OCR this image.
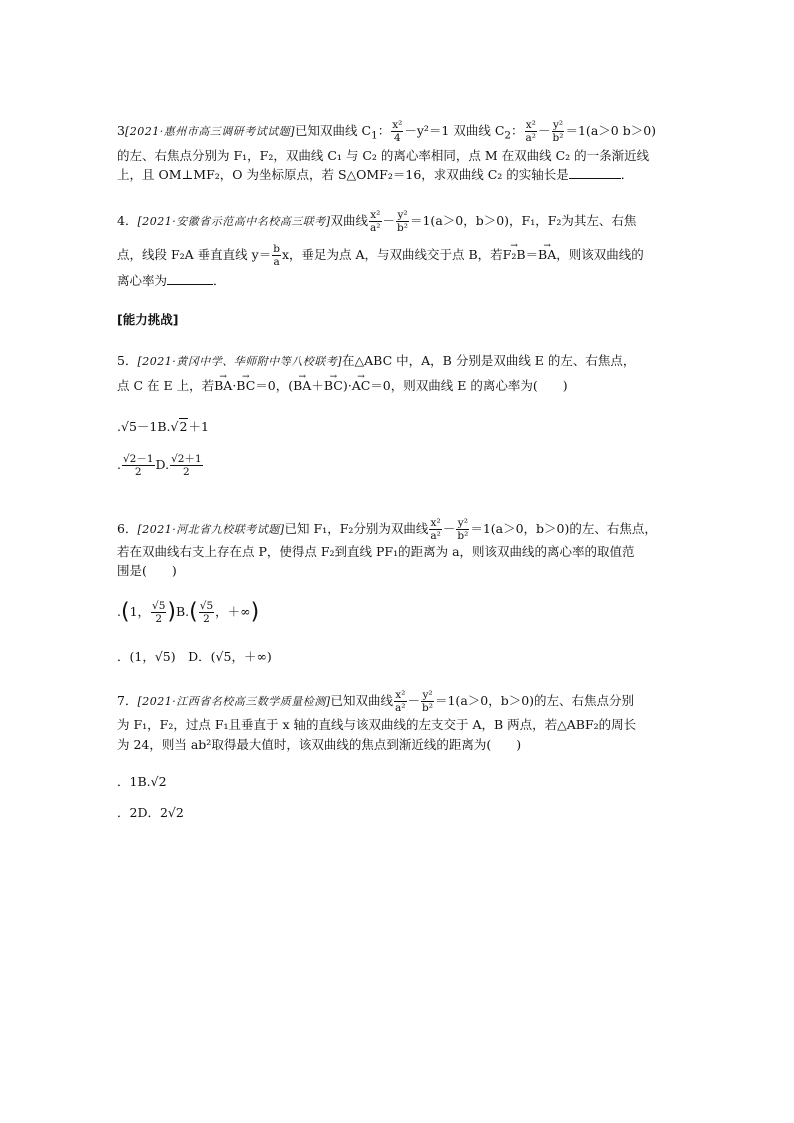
3[2021·惠州市高三调研考试试题]已知双曲线 $C_1$： $\frac{\text{x²}}{4} -y^2=1$ 双曲线 $C_2$： $\frac{\text{x²}}{\text{a²}} - \frac{\text{y²}}{\text{b²}} =1(a>0$ b＞0)
的左、右焦点分别为 F₁，F₂，双曲线 C₁ 与 C₂ 的离心率相同，点 M 在双曲线 C₂ 的一条渐近线
上，且 OM⊥MF₂，O 为坐标原点，若 S△OMF₂＝16，求双曲线 C₂ 的实轴长是	．
4．[2021·安徽省示范高中名校高三联考]双曲线 $\frac{\text{x²}}{\text{a²}} - \frac{\text{y²}}{\text{b²}} =1(a>0$，b＞0)，F₁，F₂为其左、右焦
点，线段 F₂A 垂直直线 $y= \frac{b}{a}$ x，垂足为点 A，与双曲线交于点 B，若→ F₂B＝→ BA，则该双曲线的
离心率为	．
[能力挑战]
5．[2021·黄冈中学、华师附中等八校联考]在△ABC 中，A，B 分别是双曲线 E 的左、右焦点，
点 C 在 E 上，若→ BA·→ BC＝0，(→ BA＋→ BC)·→ AC＝0，则双曲线 E 的离心率为(　　)
.√5－1B.√2＋1
. $\frac{√2-1}{2} D$. $\frac{√2+1}{2}$
6．[2021·河北省九校联考试题]已知 F₁，F₂分别为双曲线 $\frac{\text{x²}}{\text{a²}} - \frac{\text{y²}}{\text{b²}} =1(a>0$，b＞0)的左、右焦点，
若在双曲线右支上存在点 P，使得点 F₂到直线 PF₁的距离为 a，则该双曲线的离心率的取值范
围是(　　)
.(1， $\frac{√5}{2} )B.( \frac{√5}{2}$ ，＋∞)
．(1，√5)　D．(√5，＋∞)
7．[2021·江西省名校高三数学质量检测]已知双曲线 $\frac{\text{x²}}{\text{a²}} - \frac{\text{y²}}{\text{b²}} =1(a>0$，b＞0)的左、右焦点分别
为 F₁，F₂，过点 F₁且垂直于 x 轴的直线与该双曲线的左支交于 A，B 两点，若△ABF₂的周长
为 24，则当 ab²取得最大值时，该双曲线的焦点到渐近线的距离为(　　)
．1B.√2
．2D．2√2
